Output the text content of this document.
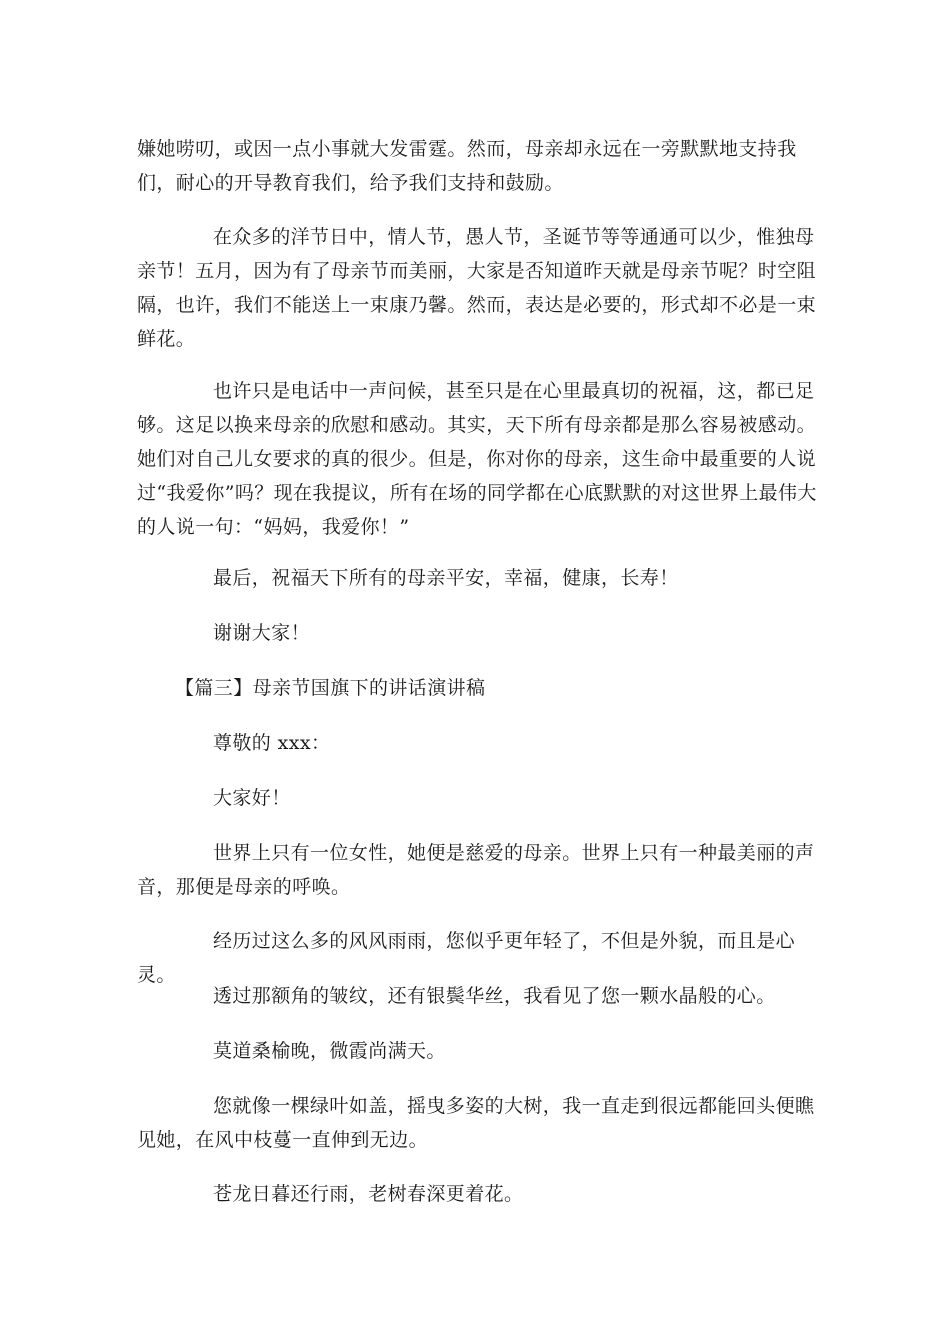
嫌她唠叨，或因一点小事就大发雷霆。然而，母亲却永远在一旁默默地支持我们，耐心的开导教育我们，给予我们支持和鼓励。

在众多的洋节日中，情人节，愚人节，圣诞节等等通通可以少，惟独母亲节！五月，因为有了母亲节而美丽，大家是否知道昨天就是母亲节呢？时空阻隔，也许，我们不能送上一束康乃馨。然而，表达是必要的，形式却不必是一束鲜花。

也许只是电话中一声问候，甚至只是在心里最真切的祝福，这，都已足够。这足以换来母亲的欣慰和感动。其实，天下所有母亲都是那么容易被感动。她们对自己儿女要求的真的很少。但是，你对你的母亲，这生命中最重要的人说过“我爱你”吗？现在我提议，所有在场的同学都在心底默默的对这世界上最伟大的人说一句：“妈妈，我爱你！”

最后，祝福天下所有的母亲平安，幸福，健康，长寿！

谢谢大家！

【篇三】母亲节国旗下的讲话演讲稿

尊敬的 xxx：

大家好！

世界上只有一位女性，她便是慈爱的母亲。世界上只有一种最美丽的声音，那便是母亲的呼唤。

经历过这么多的风风雨雨，您似乎更年轻了，不但是外貌，而且是心灵。

透过那额角的皱纹，还有银鬓华丝，我看见了您一颗水晶般的心。

莫道桑榆晚，微霞尚满天。

您就像一棵绿叶如盖，摇曳多姿的大树，我一直走到很远都能回头便瞧见她，在风中枝蔓一直伸到无边。

苍龙日暮还行雨，老树春深更着花。
